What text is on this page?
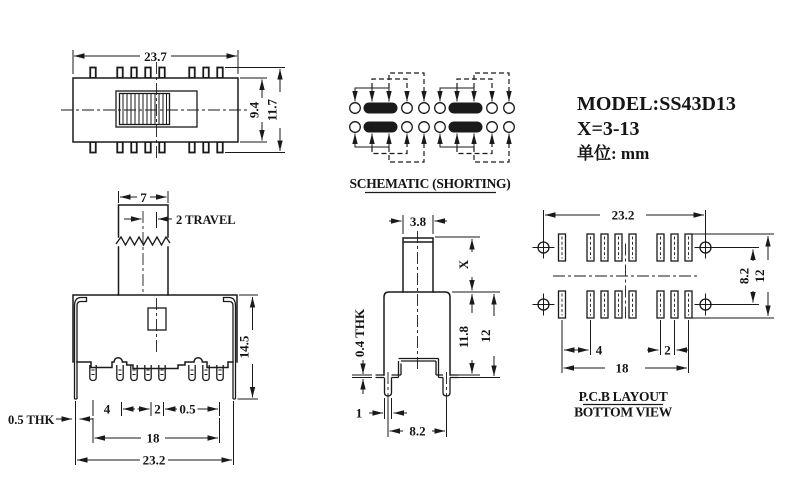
23.7
9.4 11.7
SCHEMATIC (SHORTING)
MODEL:SS43D13
X=3-13
单位: mm
7
2 TRAVEL
4	2 0.5
0.5 THK
18
23.2
14.5
3.8
0.4 THK
1
8.2
X
11.8 12
23.2
8.2 12
4	2
18
P.C.B LAYOUT
BOTTOM VIEW
